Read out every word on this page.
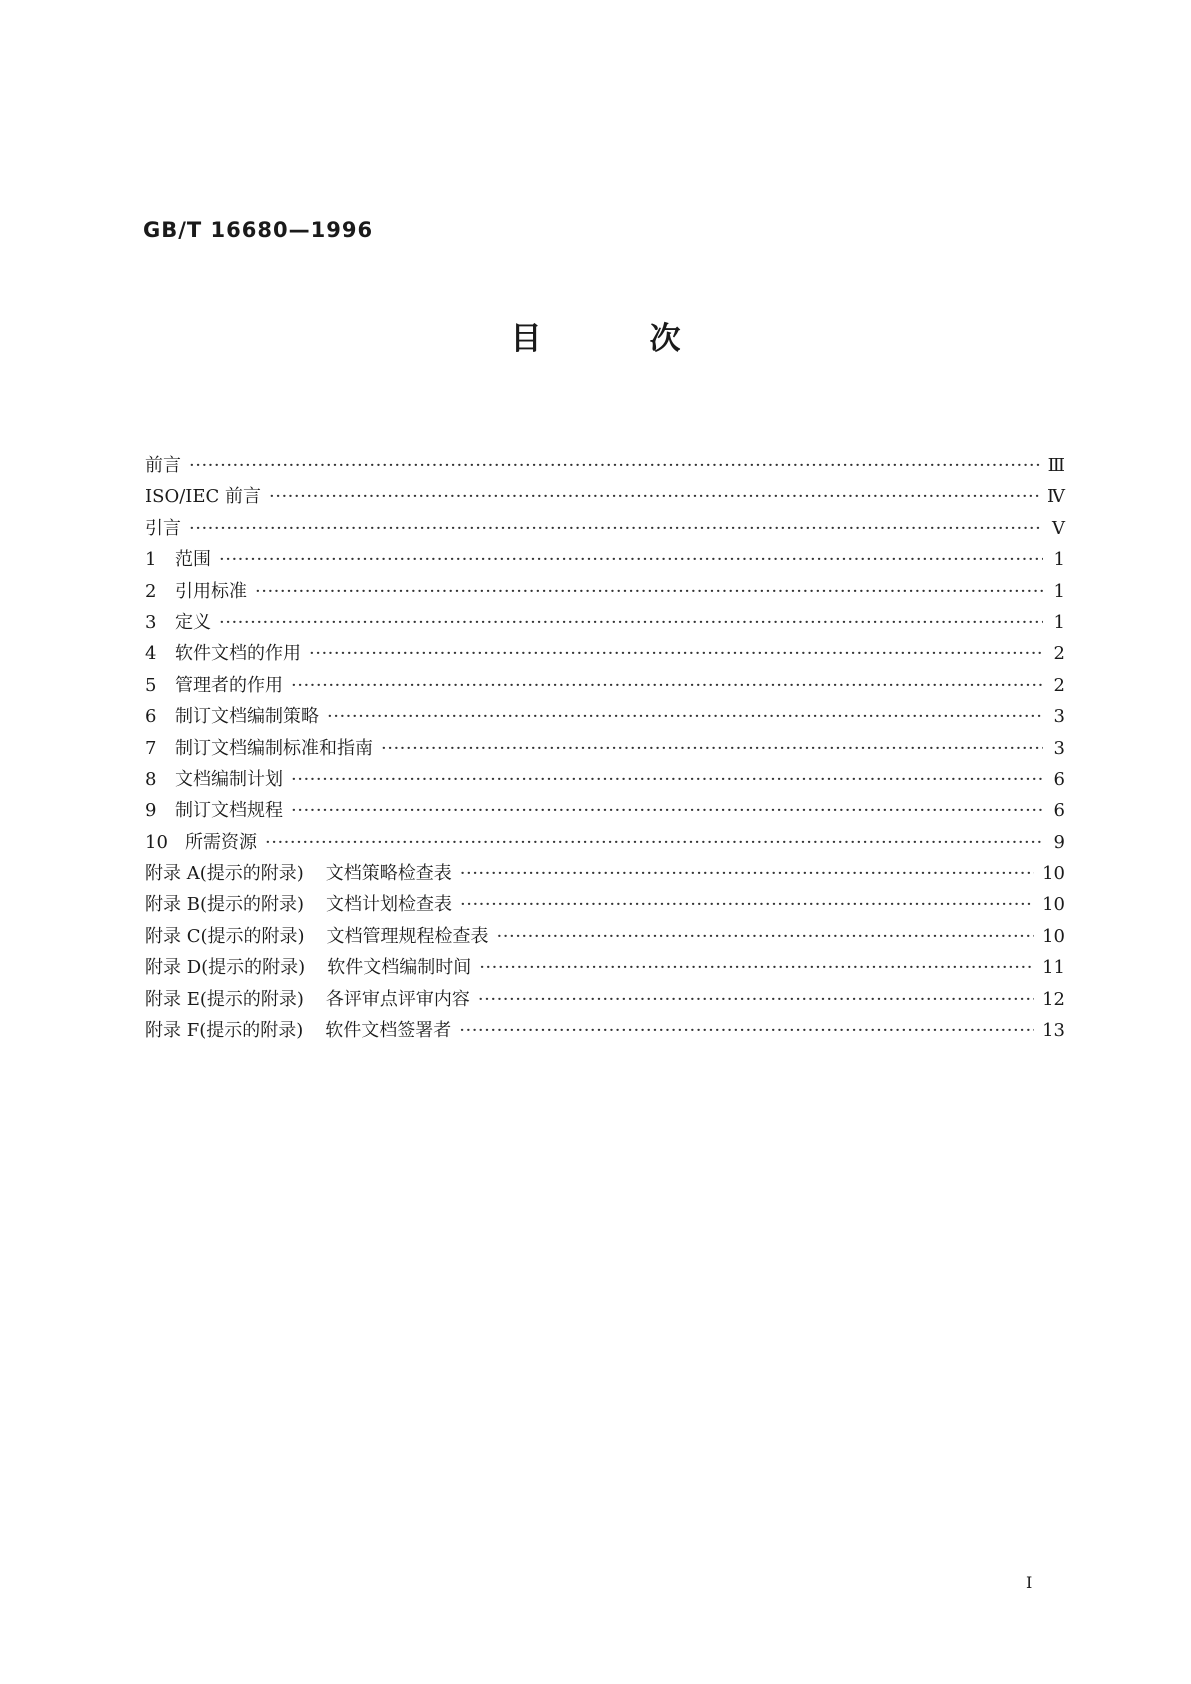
GB/T 16680—1996
目	次
前言 ·····	Ⅲ
ISO/IEC 前言 ·····	Ⅳ
引言 ·····	Ⅴ
1	范围 ·····	1
2	引用标准 ·····	1
3	定义 ·····	1
4	软件文档的作用 ·····	2
5	管理者的作用 ·····	2
6	制订文档编制策略 ·····	3
7	制订文档编制标准和指南 ·····	3
8	文档编制计划 ·····	6
9	制订文档规程 ·····	6
10 所需资源 ·····	9
附录 A(提示的附录)	文档策略检查表 ·····	10
附录 B(提示的附录)	文档计划检查表 ·····	10
附录 C(提示的附录)	文档管理规程检查表 ·····	10
附录 D(提示的附录)	软件文档编制时间 ·····	11
附录 E(提示的附录)	各评审点评审内容 ·····	12
附录 F(提示的附录)	软件文档签署者 ·····	13
I
